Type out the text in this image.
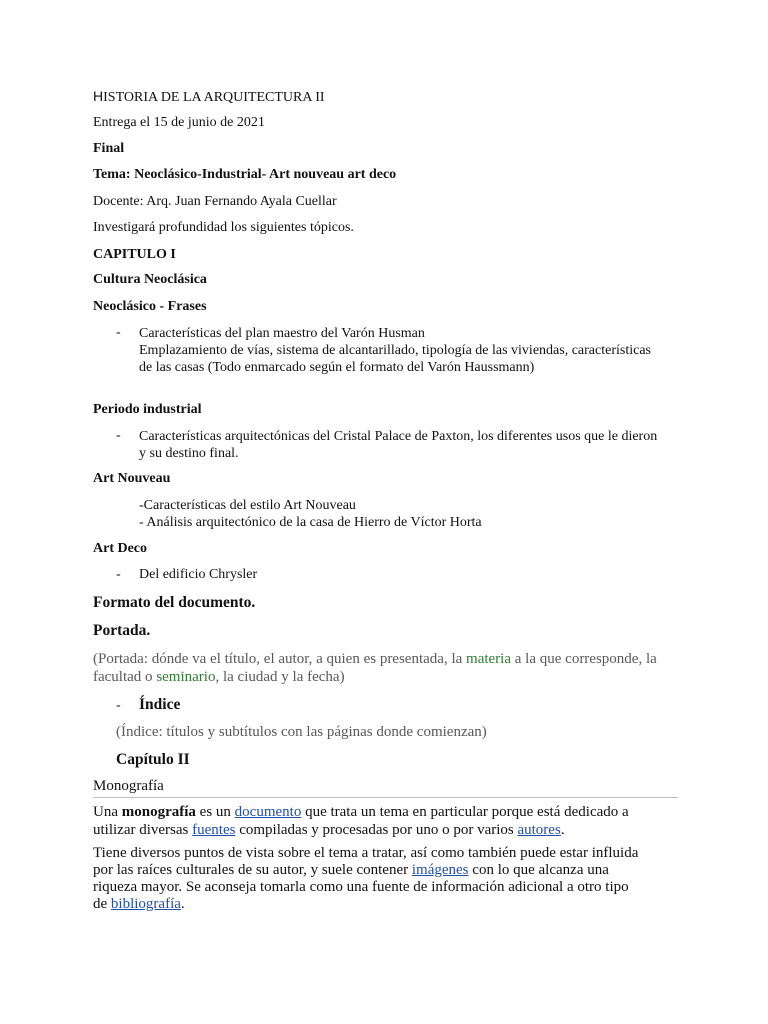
HISTORIA DE LA ARQUITECTURA II
Entrega el 15 de junio de 2021
Final
Tema: Neoclásico-Industrial- Art nouveau art deco
Docente: Arq. Juan Fernando Ayala Cuellar
Investigará profundidad los siguientes tópicos.
CAPITULO I
Cultura Neoclásica
Neoclásico - Frases
- Características del plan maestro del Varón Husman
Emplazamiento de vías, sistema de alcantarillado, tipología de las viviendas, características
de las casas (Todo enmarcado según el formato del Varón Haussmann)
Periodo industrial
- Características arquitectónicas del Cristal Palace de Paxton, los diferentes usos que le dieron
y su destino final.
Art Nouveau
-Características del estilo Art Nouveau
- Análisis arquitectónico de la casa de Hierro de Víctor Horta
Art Deco
- Del edificio Chrysler
Formato del documento.
Portada.
(Portada: dónde va el título, el autor, a quien es presentada, la materia a la que corresponde, la
facultad o seminario, la ciudad y la fecha)
- Índice
(Índice: títulos y subtítulos con las páginas donde comienzan)
Capítulo II
Monografía
Una monografía es un documento que trata un tema en particular porque está dedicado a
utilizar diversas fuentes compiladas y procesadas por uno o por varios autores.
Tiene diversos puntos de vista sobre el tema a tratar, así como también puede estar influida
por las raíces culturales de su autor, y suele contener imágenes con lo que alcanza una
riqueza mayor. Se aconseja tomarla como una fuente de información adicional a otro tipo
de bibliografía.
